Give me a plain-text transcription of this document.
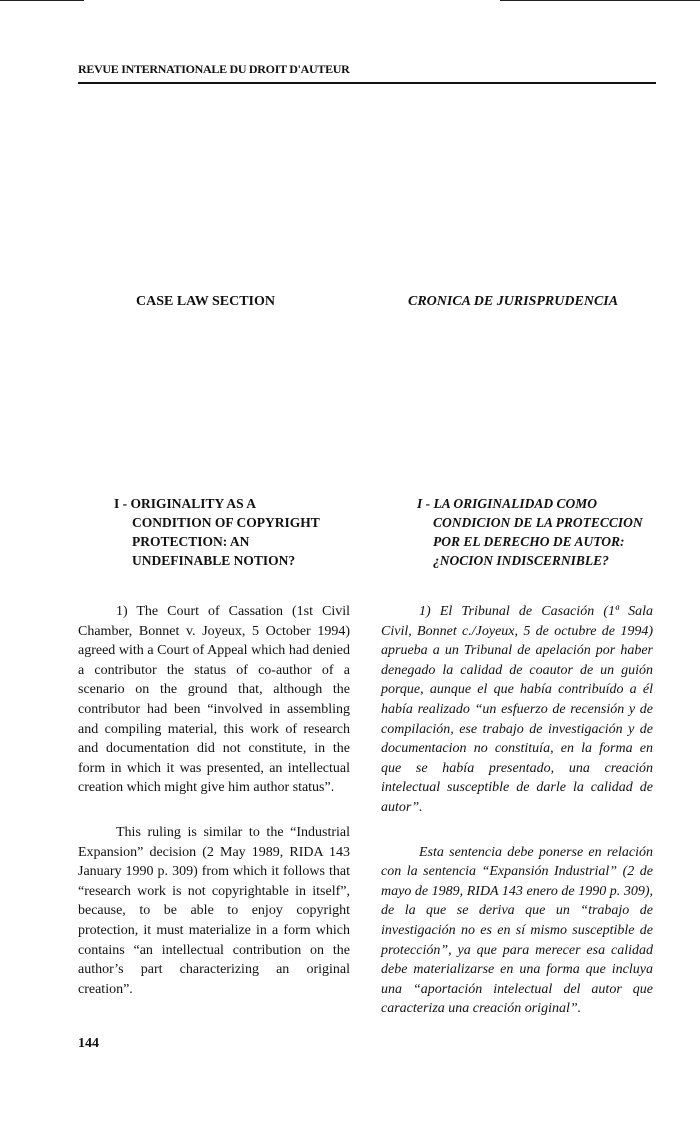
REVUE INTERNATIONALE DU DROIT D'AUTEUR
CASE LAW SECTION	CRONICA DE JURISPRUDENCIA
I - ORIGINALITY AS A
CONDITION OF COPYRIGHT
PROTECTION: AN
UNDEFINABLE NOTION?

1) The Court of Cassation (1st Civil Chamber, Bonnet v. Joyeux, 5 October 1994) agreed with a Court of Appeal which had denied a contributor the status of co-author of a scenario on the ground that, although the contributor had been “involved in assembling and compiling material, this work of research and documentation did not constitute, in the form in which it was presented, an intellectual creation which might give him author status”.

This ruling is similar to the “Industrial Expansion” decision (2 May 1989, RIDA 143 January 1990 p. 309) from which it follows that “research work is not copyrightable in itself”, because, to be able to enjoy copyright protection, it must materialize in a form which contains “an intellectual contribution on the author’s part characterizing an original creation”.

I - LA ORIGINALIDAD COMO
CONDICION DE LA PROTECCION
POR EL DERECHO DE AUTOR:
¿NOCION INDISCERNIBLE?

1) El Tribunal de Casación (1ª Sala Civil, Bonnet c./Joyeux, 5 de octubre de 1994) aprueba a un Tribunal de apelación por haber denegado la calidad de coautor de un guión porque, aunque el que había contribuído a él había realizado “un esfuerzo de recensión y de compilación, ese trabajo de investigación y de documentacion no constituía, en la forma en que se había presentado, una creación intelectual susceptible de darle la calidad de autor”.

Esta sentencia debe ponerse en relación con la sentencia “Expansión Industrial” (2 de mayo de 1989, RIDA 143 enero de 1990 p. 309), de la que se deriva que un “trabajo de investigación no es en sí mismo susceptible de protección”, ya que para merecer esa calidad debe materializarse en una forma que incluya una “aportación intelectual del autor que caracteriza una creación original”.

144
